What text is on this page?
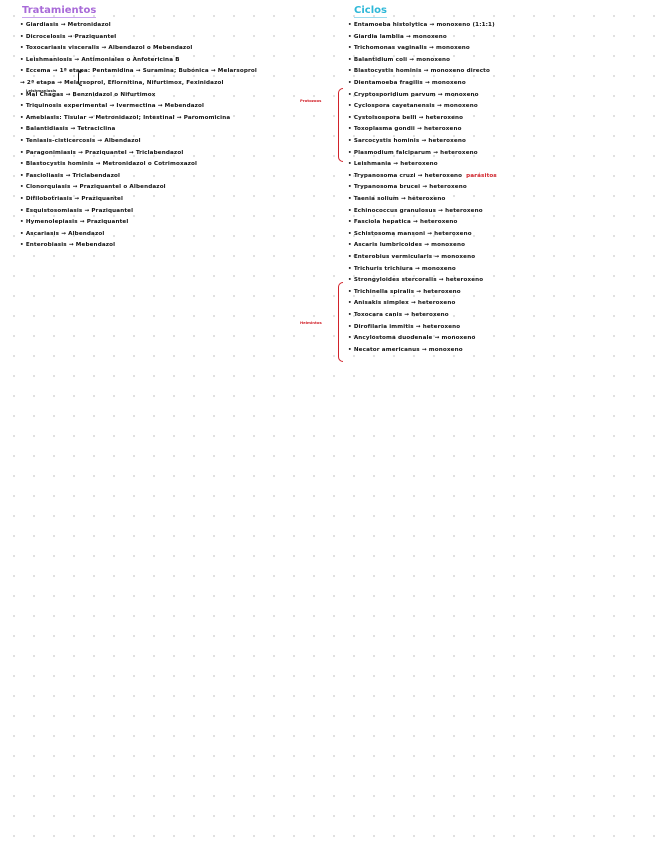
Tratamientos
• Giardiasis → Metronidazol
• Dicrocelosis → Praziquantel
• Toxocariasis visceralis → Albendazol o Mebendazol
• Leishmaniosis → Antimoniales o Anfotericina B
• Eccema → 1ª etapa: Pentamidina → Suramina; Bubónica → Melarsoprol
→ 2ª etapa → Melarsoprol, Eflornitina, Nifurtimox, Fexinidazol
• Mal Chagas → Benznidazol o Nifurtimox
• Triquinosis experimental → Ivermectina → Mebendazol
• Amebiasis: Tisular → Metronidazol; Intestinal → Paromomicina
• Balantidiasis → Tetraciclina
• Teniasis-cisticercosis → Albendazol
• Paragonimiasis → Praziquantel → Triclabendazol
• Blastocystis hominis → Metronidazol o Cotrimoxazol
• Fascioliasis → Triclabendazol
• Clonorquiasis → Praziquantel o Albendazol
• Difilobotriasis → Praziquantel
• Esquistosomiasis → Praziquantel
• Hymenolepiasis → Praziquantel
• Ascariasis → Albendazol
• Enterobiasis → Mebendazol
Leishmaniasis
Ciclos
• Entamoeba histolytica → monoxeno (1:1:1)
• Giardia lamblia → monoxeno
• Trichomonas vaginalis → monoxeno
• Balantidium coli → monoxeno
• Blastocystis hominis → monoxeno directo
• Dientamoeba fragilis → monoxeno
• Cryptosporidium parvum → monoxeno
• Cyclospora cayetanensis → monoxeno
• Cystoisospora belli → heteroxeno
• Toxoplasma gondii → heteroxeno
• Sarcocystis hominis → heteroxeno
• Plasmodium falciparum → heteroxeno
• Leishmania → heteroxeno
• Trypanosoma cruzi → heteroxeno parásitos
• Trypanosoma brucei → heteroxeno
• Taenia solium → heteroxeno
• Echinococcus granulosus → heteroxeno
• Fasciola hepatica → heteroxeno
• Schistosoma mansoni → heteroxeno
• Ascaris lumbricoides → monoxeno
• Enterobius vermicularis → monoxeno
• Trichuris trichiura → monoxeno
• Strongyloides stercoralis → heteroxeno
• Trichinella spiralis → heteroxeno
• Anisakis simplex → heteroxeno
• Toxocara canis → heteroxeno
• Dirofilaria immitis → heteroxeno
• Ancylostoma duodenale → monoxeno
• Necator americanus → monoxeno
Protozoos
Helmintos
